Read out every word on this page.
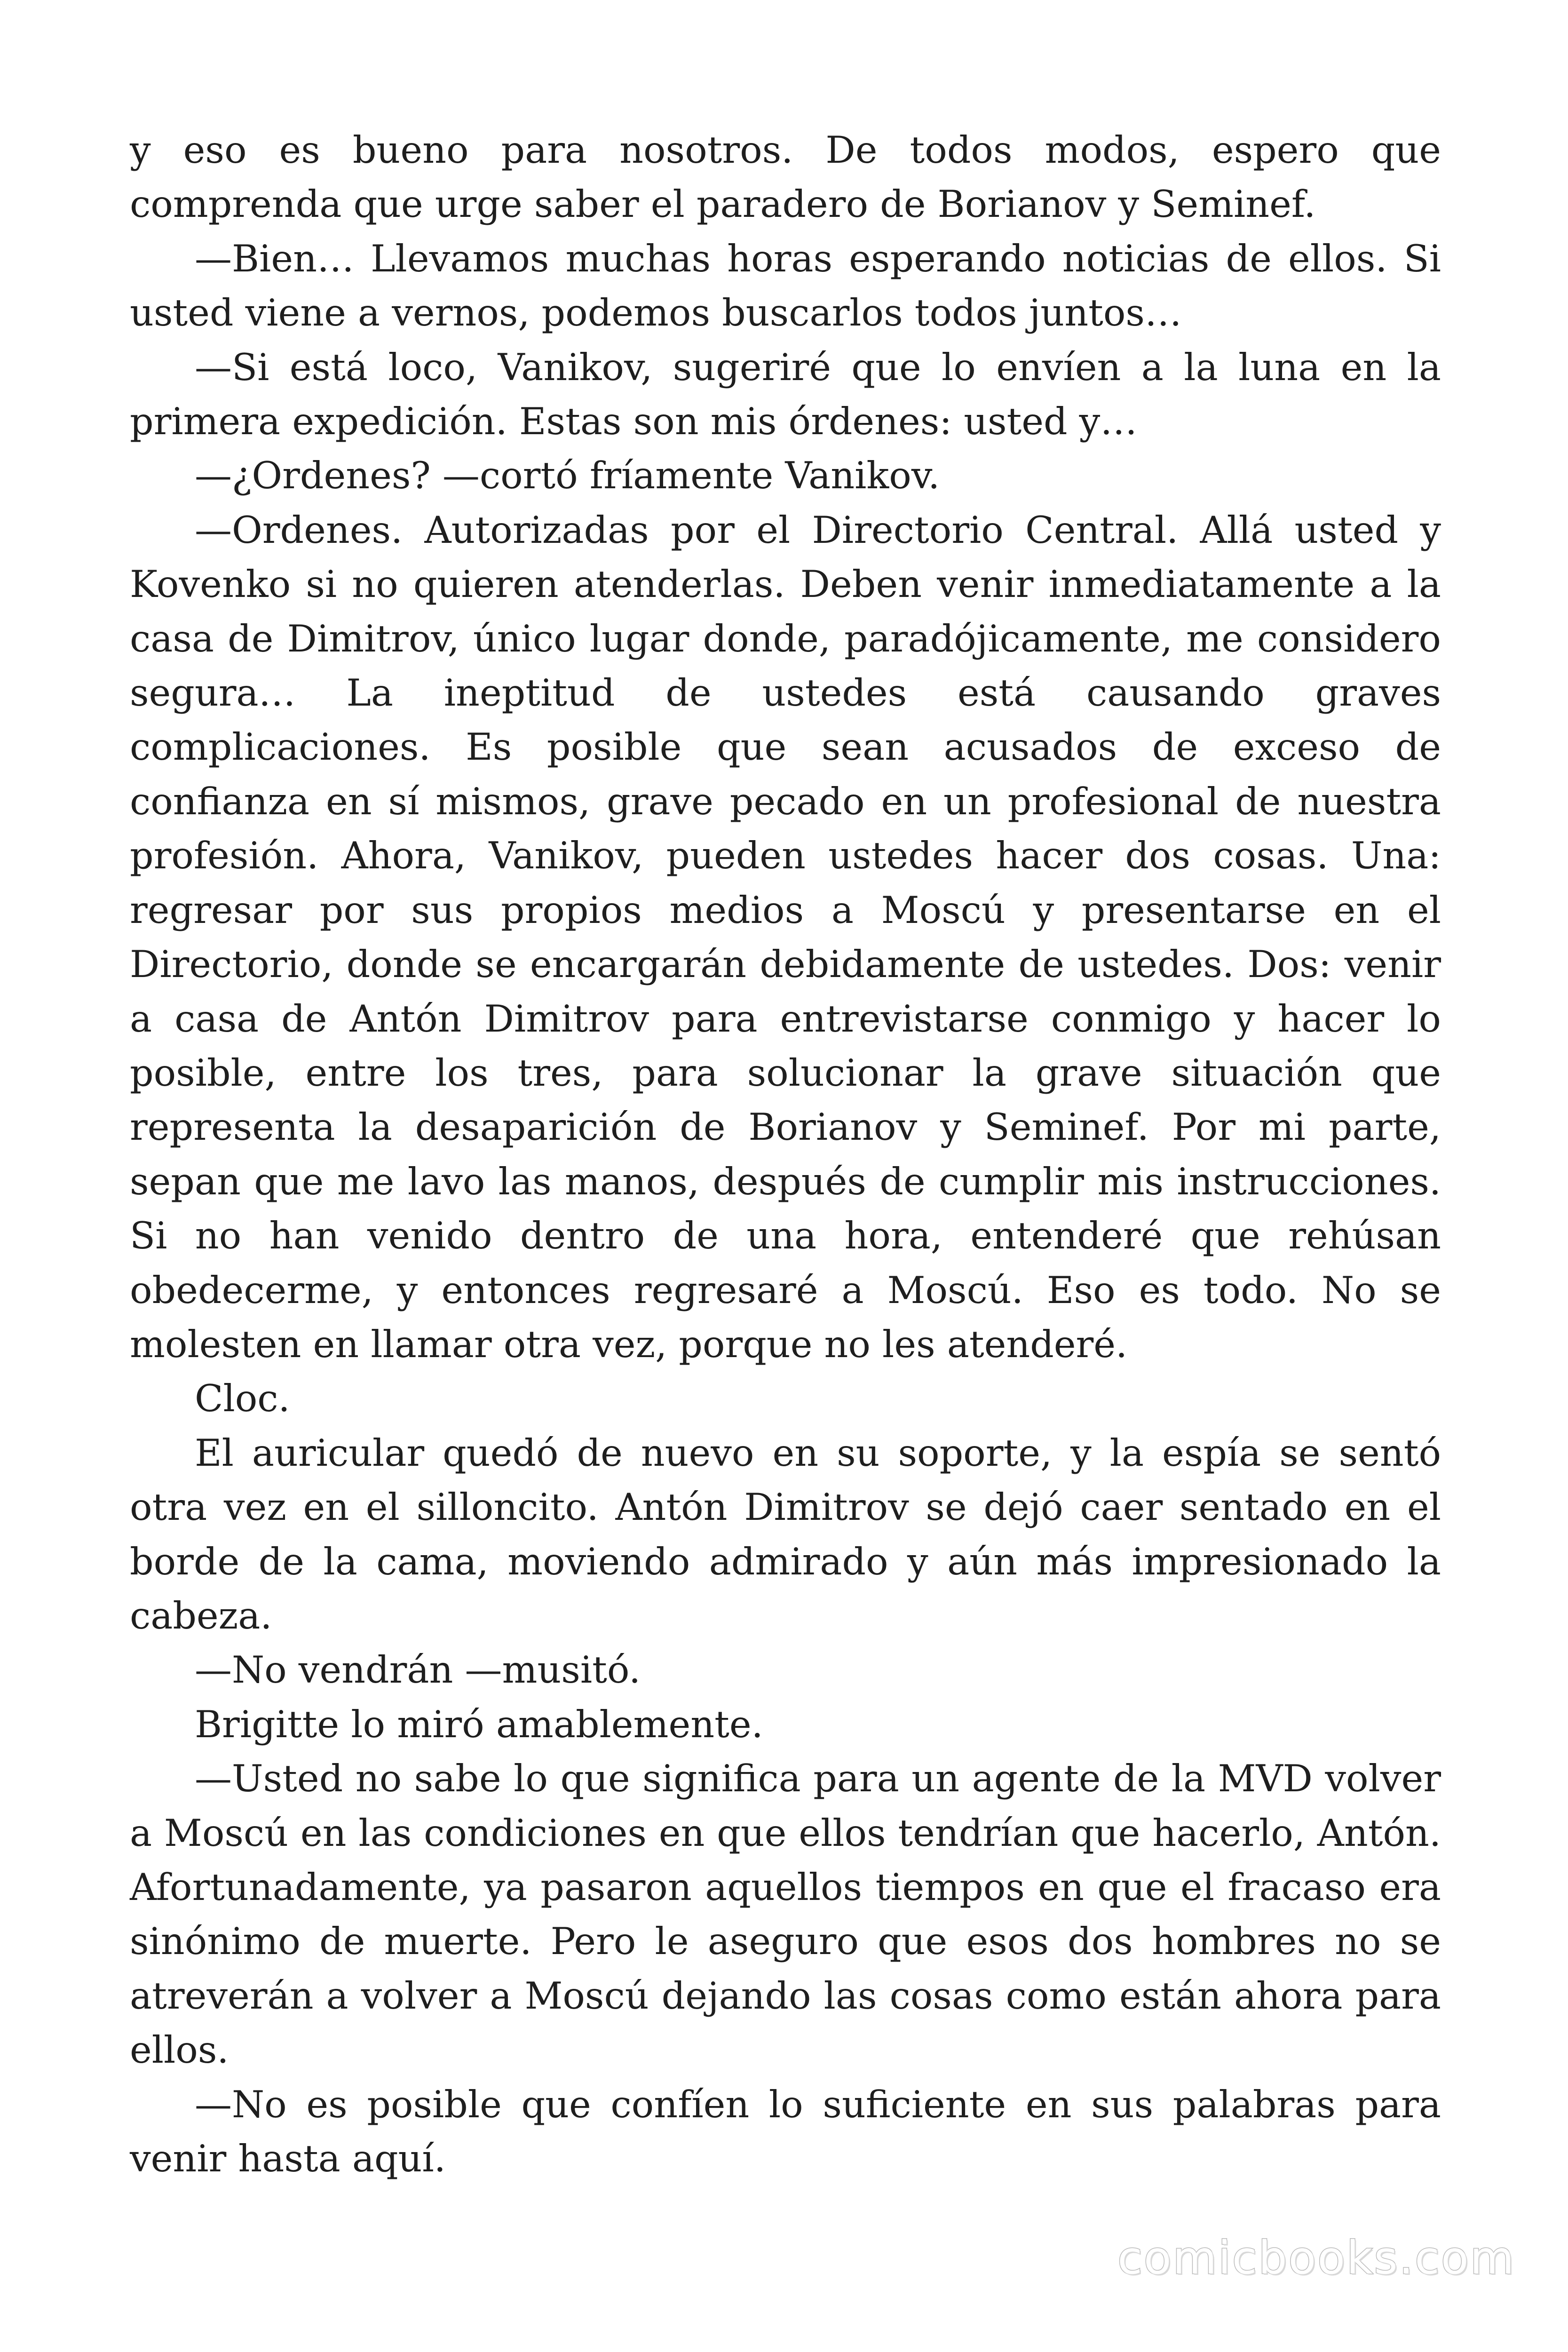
y eso es bueno para nosotros. De todos modos, espero que comprenda que urge saber el paradero de Borianov y Seminef.

—Bien… Llevamos muchas horas esperando noticias de ellos. Si usted viene a vernos, podemos buscarlos todos juntos…

—Si está loco, Vanikov, sugeriré que lo envíen a la luna en la primera expedición. Estas son mis órdenes: usted y…

—¿Ordenes? —cortó fríamente Vanikov.

—Ordenes. Autorizadas por el Directorio Central. Allá usted y Kovenko si no quieren atenderlas. Deben venir inmediatamente a la casa de Dimitrov, único lugar donde, paradójicamente, me considero segura… La ineptitud de ustedes está causando graves complicaciones. Es posible que sean acusados de exceso de confianza en sí mismos, grave pecado en un profesional de nuestra profesión. Ahora, Vanikov, pueden ustedes hacer dos cosas. Una: regresar por sus propios medios a Moscú y presentarse en el Directorio, donde se encargarán debidamente de ustedes. Dos: venir a casa de Antón Dimitrov para entrevistarse conmigo y hacer lo posible, entre los tres, para solucionar la grave situación que representa la desaparición de Borianov y Seminef. Por mi parte, sepan que me lavo las manos, después de cumplir mis instrucciones. Si no han venido dentro de una hora, entenderé que rehúsan obedecerme, y entonces regresaré a Moscú. Eso es todo. No se molesten en llamar otra vez, porque no les atenderé.

Cloc.

El auricular quedó de nuevo en su soporte, y la espía se sentó otra vez en el silloncito. Antón Dimitrov se dejó caer sentado en el borde de la cama, moviendo admirado y aún más impresionado la cabeza.

—No vendrán —musitó.

Brigitte lo miró amablemente.

—Usted no sabe lo que significa para un agente de la MVD volver a Moscú en las condiciones en que ellos tendrían que hacerlo, Antón. Afortunadamente, ya pasaron aquellos tiempos en que el fracaso era sinónimo de muerte. Pero le aseguro que esos dos hombres no se atreverán a volver a Moscú dejando las cosas como están ahora para ellos.

—No es posible que confíen lo suficiente en sus palabras para venir hasta aquí.

comicbooks.com
